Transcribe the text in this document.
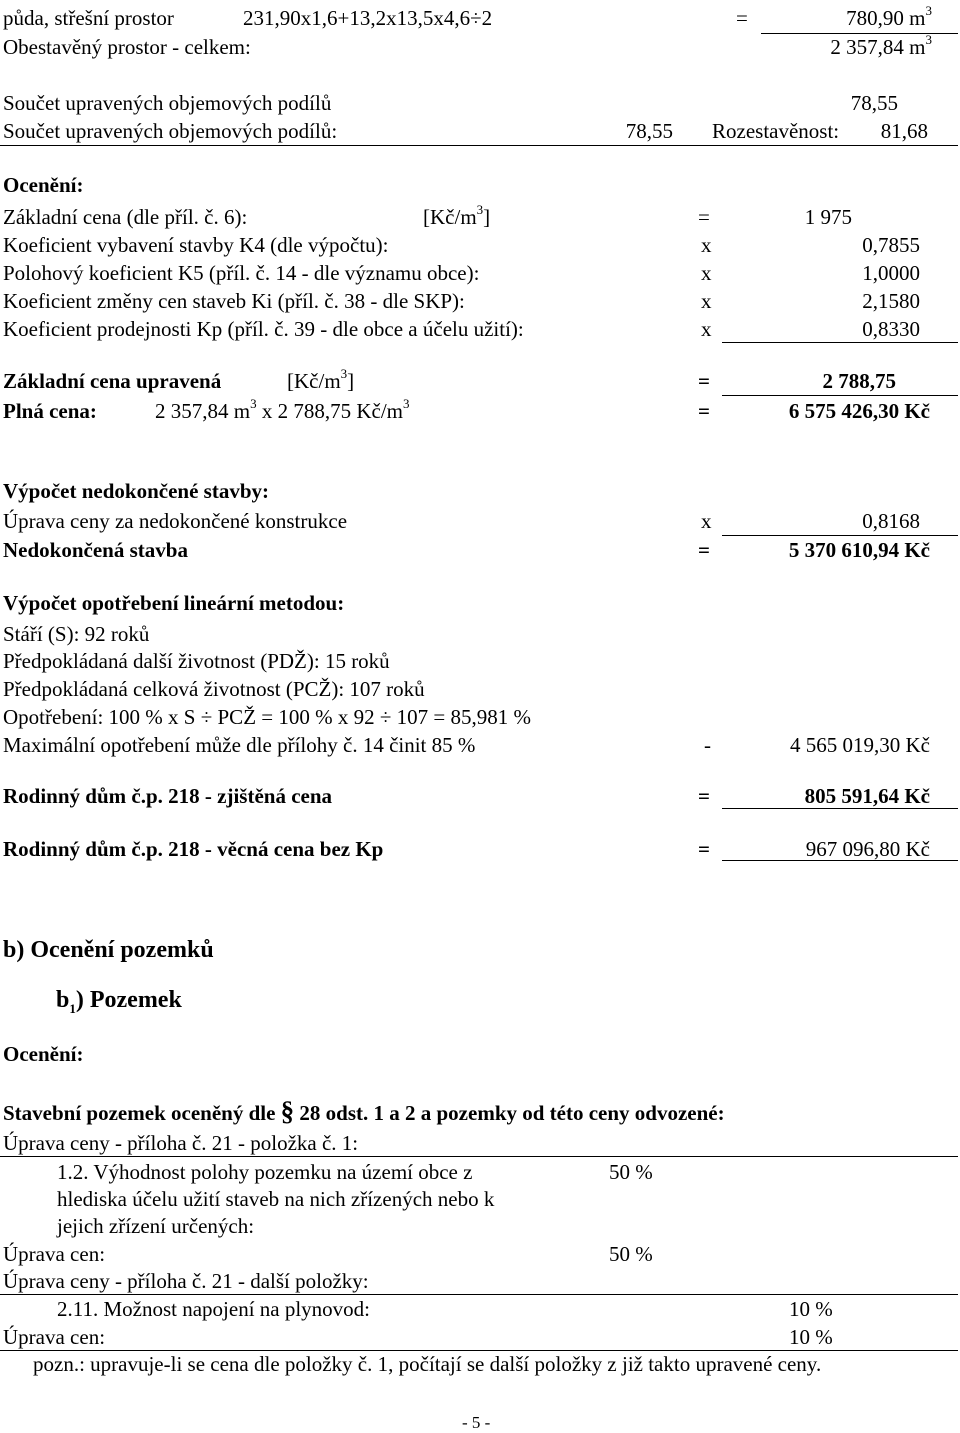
půda, střešní prostor	231,90x1,6+13,2x13,5x4,6÷2	=	780,90 $m^3$
Obestavěný prostor - celkem:	2 357,84 $m^3$
Součet upravených objemových podílů	78,55
Součet upravených objemových podílů:	78,55 Rozestavěnost: 81,68
Ocenění:
Základní cena (dle příl. č. 6):	$[Kč/m^3]$	=	1 975
Koeficient vybavení stavby K4 (dle výpočtu):	x	0,7855
Polohový koeficient K5 (příl. č. 14 - dle významu obce):	x	1,0000
Koeficient změny cen staveb Ki (příl. č. 38 - dle SKP):	x	2,1580
Koeficient prodejnosti Kp (příl. č. 39 - dle obce a účelu užití):	x	0,8330
Základní cena upravená	$[Kč/m^3]$	=	2 788,75
Plná cena:	2 357,84 $m^3$ x 2 788,75 $Kč/m^3$	=	6 575 426,30 Kč
Výpočet nedokončené stavby:
Úprava ceny za nedokončené konstrukce	x	0,8168
Nedokončená stavba	=	5 370 610,94 Kč
Výpočet opotřebení lineární metodou:
Stáří (S): 92 roků
Předpokládaná další životnost (PDŽ): 15 roků
Předpokládaná celková životnost (PCŽ): 107 roků
Opotřebení: 100 % x S ÷ PCŽ = 100 % x 92 ÷ 107 = 85,981 %
Maximální opotřebení může dle přílohy č. 14 činit 85 %	-	4 565 019,30 Kč
Rodinný dům č.p. 218 - zjištěná cena	=	805 591,64 Kč
Rodinný dům č.p. 218 - věcná cena bez Kp	=	967 096,80 Kč
b) Ocenění pozemků
$b_1$) Pozemek
Ocenění:
Stavební pozemek oceněný dle § 28 odst. 1 a 2 a pozemky od této ceny odvozené:
Úprava ceny - příloha č. 21 - položka č. 1:
1.2. Výhodnost polohy pozemku na území obce z	50 %
hlediska účelu užití staveb na nich zřízených nebo k
jejich zřízení určených:
Úprava cen:	50 %
Úprava ceny - příloha č. 21 - další položky:
2.11. Možnost napojení na plynovod:	10 %
Úprava cen:	10 %
pozn.: upravuje-li se cena dle položky č. 1, počítají se další položky z již takto upravené ceny.
- 5 -
